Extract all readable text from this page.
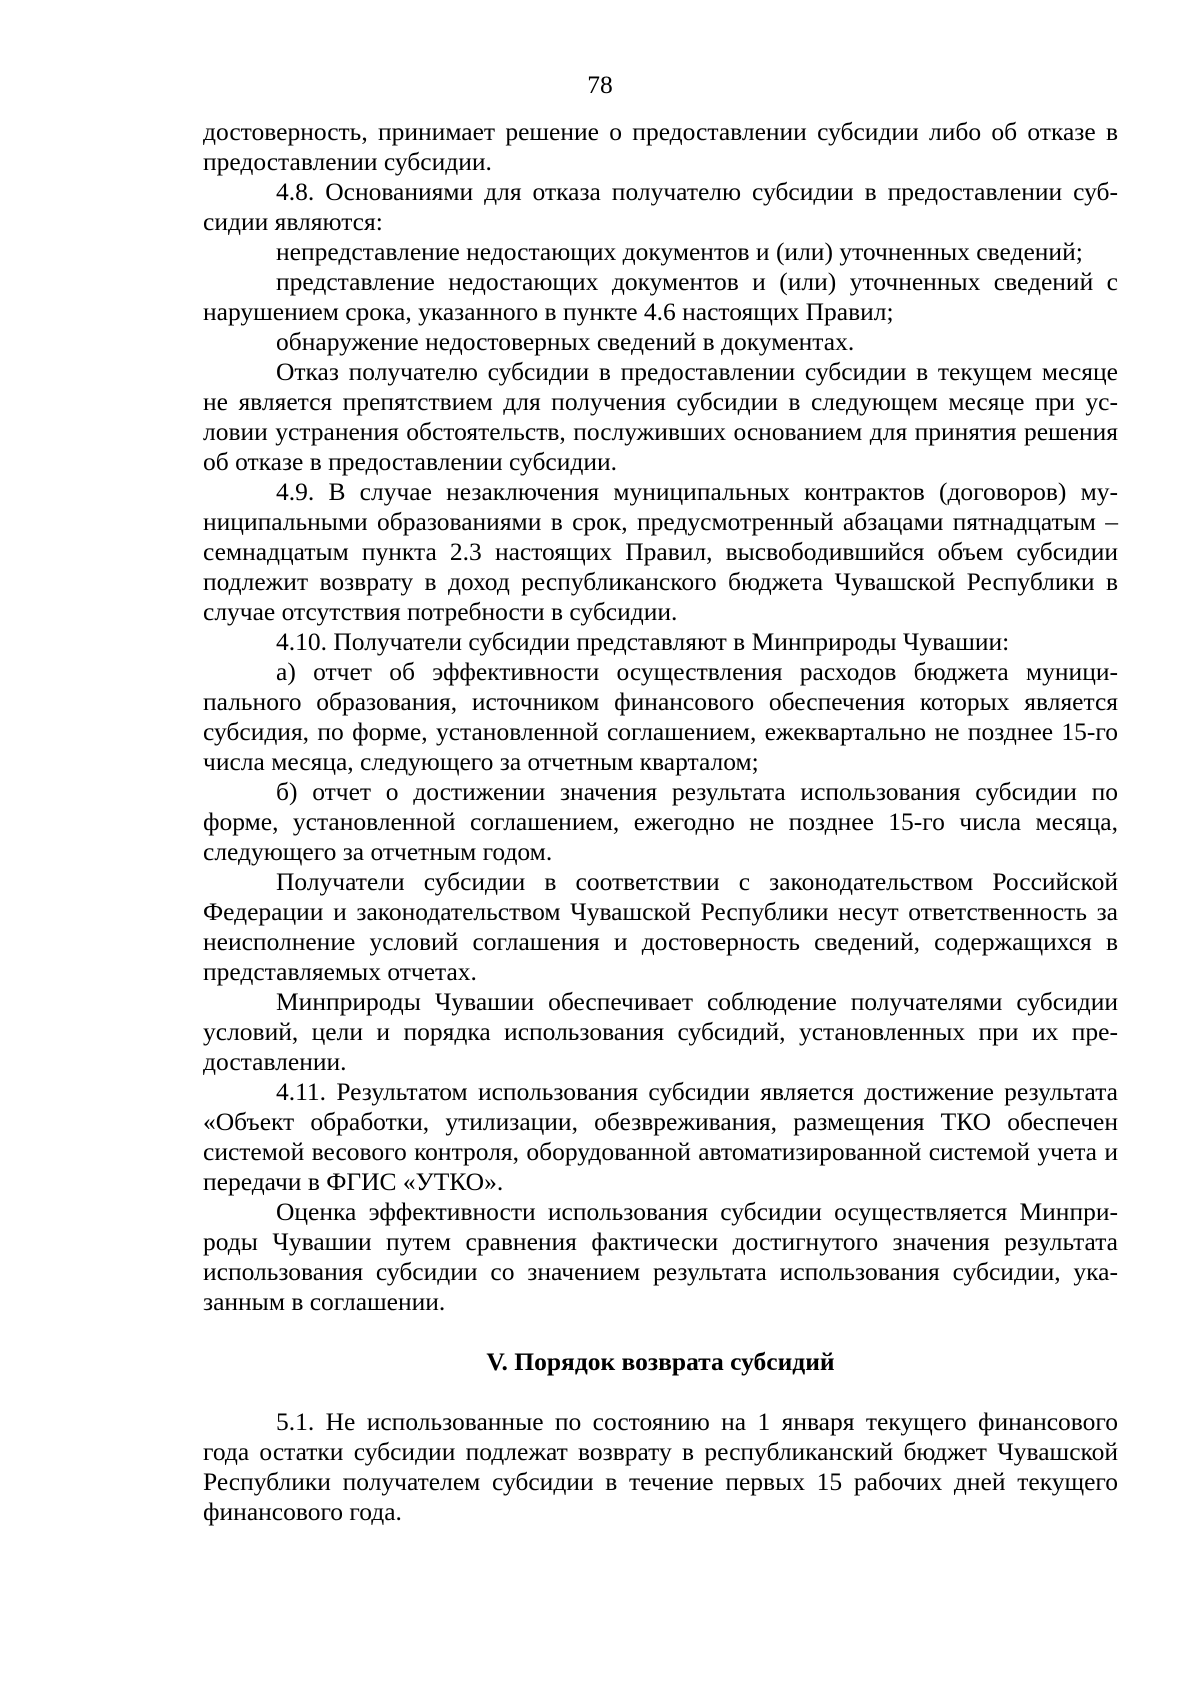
78

достоверность, принимает решение о предоставлении субсидии либо об отказе в предоставлении субсидии.

4.8. Основаниями для отказа получателю субсидии в предоставлении субсидии являются:

непредставление недостающих документов и (или) уточненных сведений;

представление недостающих документов и (или) уточненных сведений с нарушением срока, указанного в пункте 4.6 настоящих Правил;

обнаружение недостоверных сведений в документах.

Отказ получателю субсидии в предоставлении субсидии в текущем месяце не является препятствием для получения субсидии в следующем месяце при условии устранения обстоятельств, послуживших основанием для принятия решения об отказе в предоставлении субсидии.

4.9. В случае незаключения муниципальных контрактов (договоров) муниципальными образованиями в срок, предусмотренный абзацами пятнадцатым – семнадцатым пункта 2.3 настоящих Правил, высвободившийся объем субсидии подлежит возврату в доход республиканского бюджета Чувашской Республики в случае отсутствия потребности в субсидии.

4.10. Получатели субсидии представляют в Минприроды Чувашии:

а) отчет об эффективности осуществления расходов бюджета муниципального образования, источником финансового обеспечения которых является субсидия, по форме, установленной соглашением, ежеквартально не позднее 15-го числа месяца, следующего за отчетным кварталом;

б) отчет о достижении значения результата использования субсидии по форме, установленной соглашением, ежегодно не позднее 15-го числа месяца, следующего за отчетным годом.

Получатели субсидии в соответствии с законодательством Российской Федерации и законодательством Чувашской Республики несут ответственность за неисполнение условий соглашения и достоверность сведений, содержащихся в представляемых отчетах.

Минприроды Чувашии обеспечивает соблюдение получателями субсидии условий, цели и порядка использования субсидий, установленных при их предоставлении.

4.11. Результатом использования субсидии является достижение результата «Объект обработки, утилизации, обезвреживания, размещения ТКО обеспечен системой весового контроля, оборудованной автоматизированной системой учета и передачи в ФГИС «УТКО».

Оценка эффективности использования субсидии осуществляется Минприроды Чувашии путем сравнения фактически достигнутого значения результата использования субсидии со значением результата использования субсидии, указанным в соглашении.

V. Порядок возврата субсидий

5.1. Не использованные по состоянию на 1 января текущего финансового года остатки субсидии подлежат возврату в республиканский бюджет Чувашской Республики получателем субсидии в течение первых 15 рабочих дней текущего финансового года.
